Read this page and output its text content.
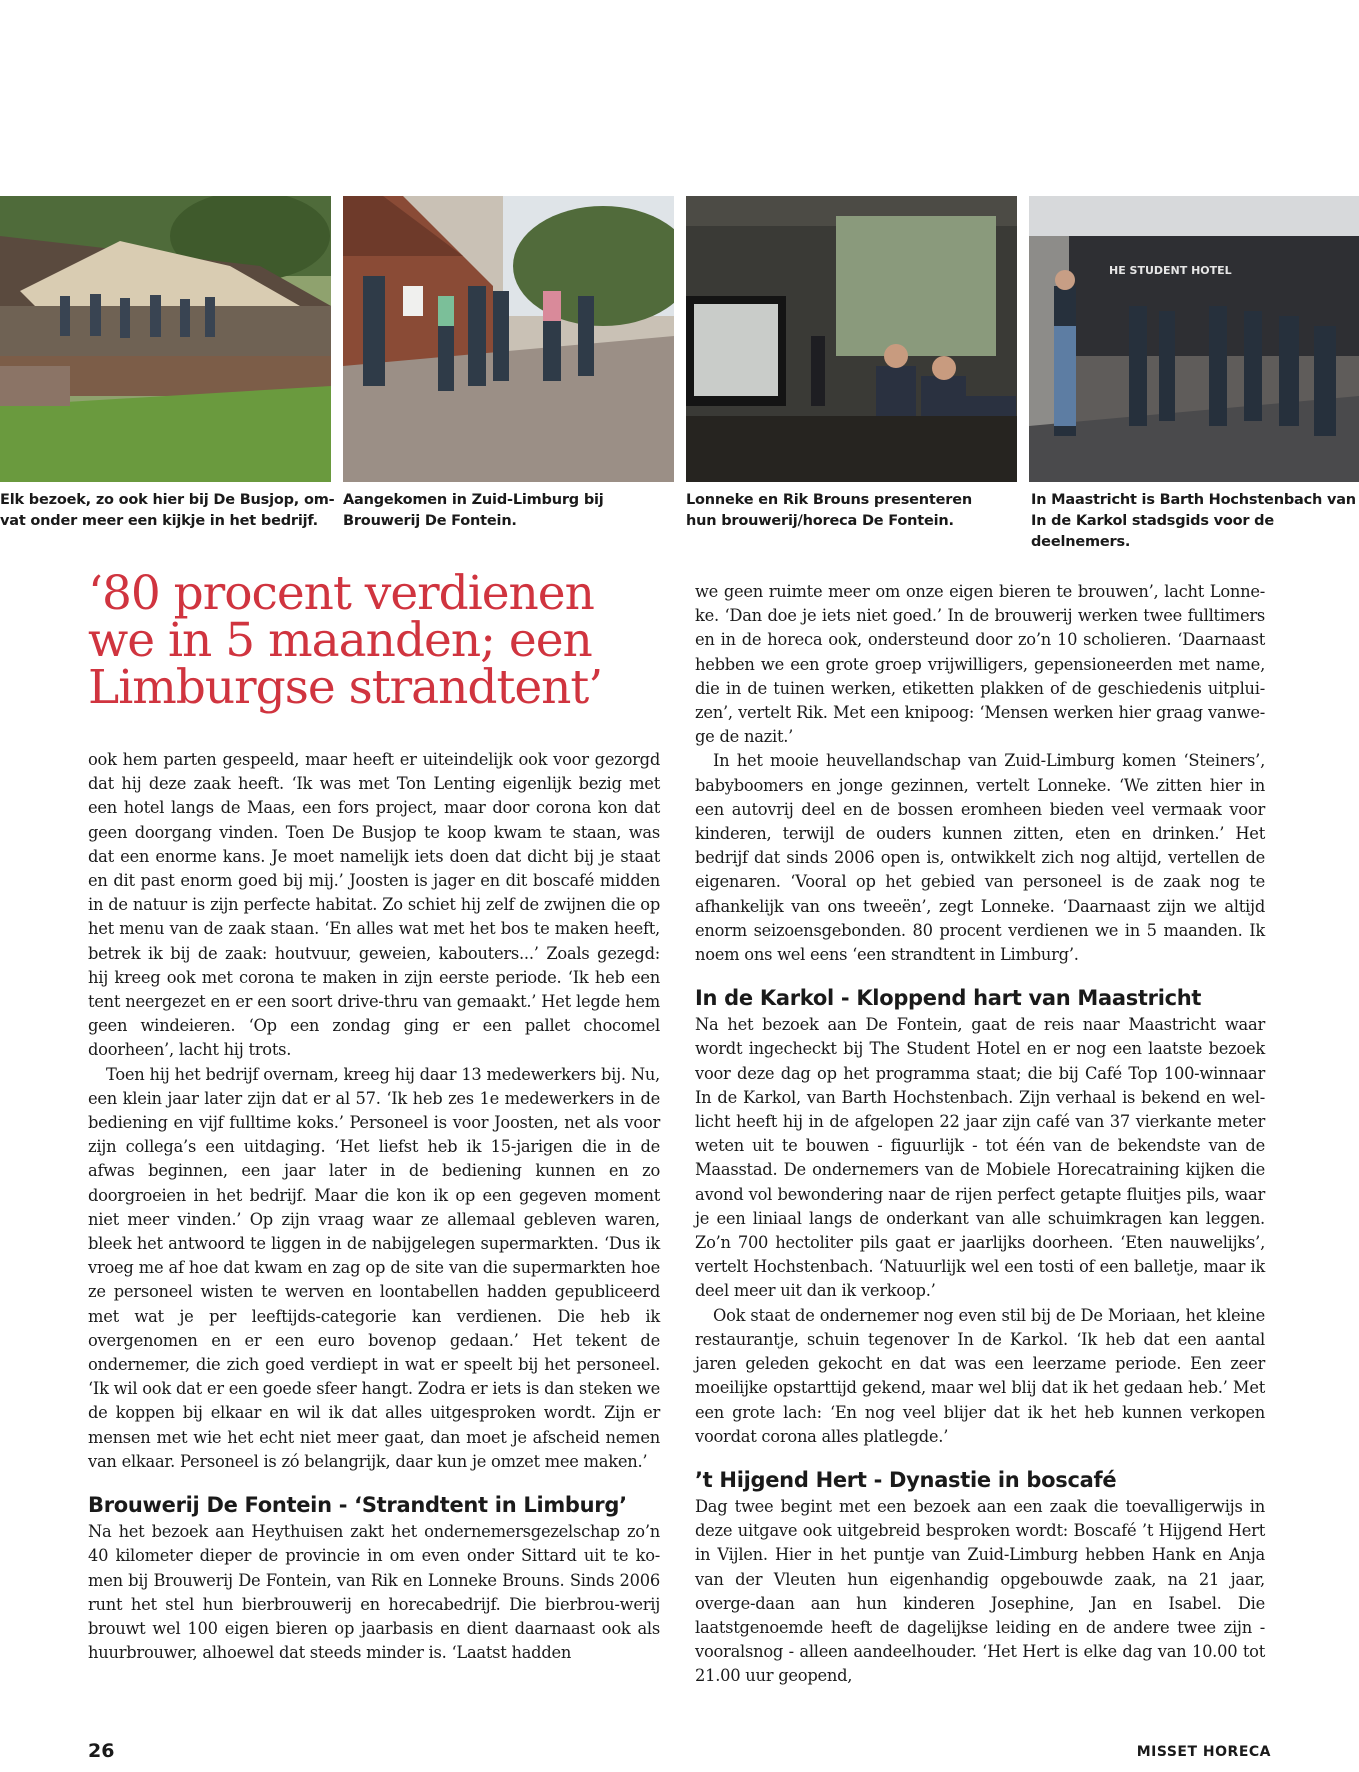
HE STUDENT HOTEL
Elk bezoek, zo ook hier bij De Busjop, om-vat onder meer een kijkje in het bedrijf.
Aangekomen in Zuid-Limburg bij Brouwerij De Fontein.
Lonneke en Rik Brouns presenteren hun brouwerij/horeca De Fontein.
In Maastricht is Barth Hochstenbach van In de Karkol stadsgids voor de deelnemers.
‘80 procent verdienen we in 5 maanden; een Limburgse strandtent’

ook hem parten gespeeld, maar heeft er uiteindelijk ook voor gezorgd dat hij deze zaak heeft. ‘Ik was met Ton Lenting eigenlijk bezig met een hotel langs de Maas, een fors project, maar door corona kon dat geen doorgang vinden. Toen De Busjop te koop kwam te staan, was dat een enorme kans. Je moet namelijk iets doen dat dicht bij je staat en dit past enorm goed bij mij.’ Joosten is jager en dit boscafé midden in de natuur is zijn perfecte habitat. Zo schiet hij zelf de zwijnen die op het menu van de zaak staan. ‘En alles wat met het bos te maken heeft, betrek ik bij de zaak: houtvuur, geweien, kabouters...’ Zoals gezegd: hij kreeg ook met corona te maken in zijn eerste periode. ‘Ik heb een tent neergezet en er een soort drive-thru van gemaakt.’ Het legde hem geen windeieren. ‘Op een zondag ging er een pallet chocomel doorheen’, lacht hij trots.

Toen hij het bedrijf overnam, kreeg hij daar 13 medewerkers bij. Nu, een klein jaar later zijn dat er al 57. ‘Ik heb zes 1e medewerkers in de bediening en vijf fulltime koks.’ Personeel is voor Joosten, net als voor zijn collega’s een uitdaging. ‘Het liefst heb ik 15-jarigen die in de afwas beginnen, een jaar later in de bediening kunnen en zo doorgroeien in het bedrijf. Maar die kon ik op een gegeven moment niet meer vinden.’ Op zijn vraag waar ze allemaal gebleven waren, bleek het antwoord te liggen in de nabijgelegen supermarkten. ‘Dus ik vroeg me af hoe dat kwam en zag op de site van die supermarkten hoe ze personeel wisten te werven en loontabellen hadden gepubliceerd met wat je per leeftijds-categorie kan verdienen. Die heb ik overgenomen en er een euro bovenop gedaan.’ Het tekent de ondernemer, die zich goed verdiept in wat er speelt bij het personeel. ‘Ik wil ook dat er een goede sfeer hangt. Zodra er iets is dan steken we de koppen bij elkaar en wil ik dat alles uitgesproken wordt. Zijn er mensen met wie het echt niet meer gaat, dan moet je afscheid nemen van elkaar. Personeel is zó belangrijk, daar kun je omzet mee maken.’

Brouwerij De Fontein - ‘Strandtent in Limburg’

Na het bezoek aan Heythuisen zakt het ondernemersgezelschap zo’n 40 kilometer dieper de provincie in om even onder Sittard uit te ko-men bij Brouwerij De Fontein, van Rik en Lonneke Brouns. Sinds 2006 runt het stel hun bierbrouwerij en horecabedrijf. Die bierbrou-werij brouwt wel 100 eigen bieren op jaarbasis en dient daarnaast ook als huurbrouwer, alhoewel dat steeds minder is. ‘Laatst hadden

we geen ruimte meer om onze eigen bieren te brouwen’, lacht Lonne-ke. ‘Dan doe je iets niet goed.’ In de brouwerij werken twee fulltimers en in de horeca ook, ondersteund door zo’n 10 scholieren. ‘Daarnaast hebben we een grote groep vrijwilligers, gepensioneerden met name, die in de tuinen werken, etiketten plakken of de geschiedenis uitplui-zen’, vertelt Rik. Met een knipoog: ‘Mensen werken hier graag vanwe-ge de nazit.’

In het mooie heuvellandschap van Zuid-Limburg komen ‘Steiners’, babyboomers en jonge gezinnen, vertelt Lonneke. ‘We zitten hier in een autovrij deel en de bossen eromheen bieden veel vermaak voor kinderen, terwijl de ouders kunnen zitten, eten en drinken.’ Het bedrijf dat sinds 2006 open is, ontwikkelt zich nog altijd, vertellen de eigenaren. ‘Vooral op het gebied van personeel is de zaak nog te afhankelijk van ons tweeën’, zegt Lonneke. ‘Daarnaast zijn we altijd enorm seizoensgebonden. 80 procent verdienen we in 5 maanden. Ik noem ons wel eens ‘een strandtent in Limburg’.

In de Karkol - Kloppend hart van Maastricht

Na het bezoek aan De Fontein, gaat de reis naar Maastricht waar wordt ingecheckt bij The Student Hotel en er nog een laatste bezoek voor deze dag op het programma staat; die bij Café Top 100-winnaar In de Karkol, van Barth Hochstenbach. Zijn verhaal is bekend en wel-licht heeft hij in de afgelopen 22 jaar zijn café van 37 vierkante meter weten uit te bouwen - figuurlijk - tot één van de bekendste van de Maasstad. De ondernemers van de Mobiele Horecatraining kijken die avond vol bewondering naar de rijen perfect getapte fluitjes pils, waar je een liniaal langs de onderkant van alle schuimkragen kan leggen. Zo’n 700 hectoliter pils gaat er jaarlijks doorheen. ‘Eten nauwelijks’, vertelt Hochstenbach. ‘Natuurlijk wel een tosti of een balletje, maar ik deel meer uit dan ik verkoop.’

Ook staat de ondernemer nog even stil bij de De Moriaan, het kleine restaurantje, schuin tegenover In de Karkol. ‘Ik heb dat een aantal jaren geleden gekocht en dat was een leerzame periode. Een zeer moeilijke opstarttijd gekend, maar wel blij dat ik het gedaan heb.’ Met een grote lach: ‘En nog veel blijer dat ik het heb kunnen verkopen voordat corona alles platlegde.’

’t Hijgend Hert - Dynastie in boscafé

Dag twee begint met een bezoek aan een zaak die toevalligerwijs in deze uitgave ook uitgebreid besproken wordt: Boscafé ’t Hijgend Hert in Vijlen. Hier in het puntje van Zuid-Limburg hebben Hank en Anja van der Vleuten hun eigenhandig opgebouwde zaak, na 21 jaar, overge-daan aan hun kinderen Josephine, Jan en Isabel. Die laatstgenoemde heeft de dagelijkse leiding en de andere twee zijn - vooralsnog - alleen aandeelhouder. ‘Het Hert is elke dag van 10.00 tot 21.00 uur geopend,

26	MISSET HORECA
